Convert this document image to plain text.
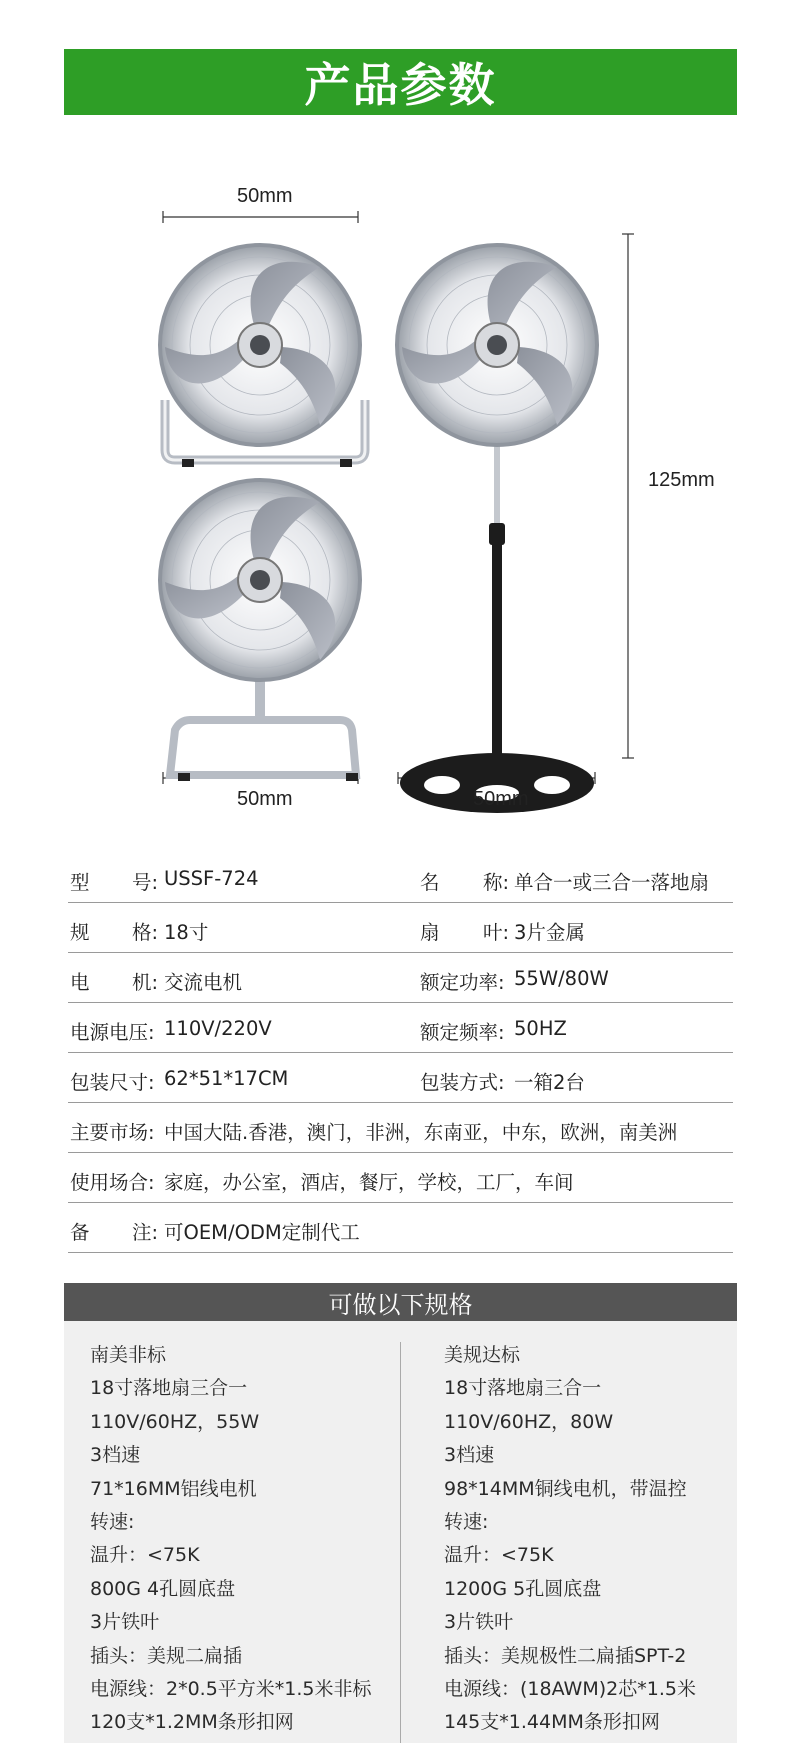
产品参数
50mm
50mm	50mm
125mm
型 号: USSF-724	名 称: 单合一或三合一落地扇
规 格: 18寸	扇 叶: 3片金属
电 机: 交流电机	额定功率: 55W/80W
电源电压: 110V/220V	额定频率: 50HZ
包装尺寸: 62*51*17CM	包装方式: 一箱2台
主要市场: 中国大陆.香港，澳门，非洲，东南亚，中东，欧洲，南美洲
使用场合: 家庭，办公室，酒店，餐厅，学校，工厂，车间
备 注: 可OEM/ODM定制代工
可做以下规格
南美非标
18寸落地扇三合一
110V/60HZ，55W
3档速
71*16MM铝线电机
转速:
温升：<75K
800G 4孔圆底盘
3片铁叶
插头：美规二扁插
电源线：2*0.5平方米*1.5米非标
120支*1.2MM条形扣网
美规达标
18寸落地扇三合一
110V/60HZ，80W
3档速
98*14MM铜线电机，带温控
转速:
温升：<75K
1200G 5孔圆底盘
3片铁叶
插头：美规极性二扁插SPT-2
电源线：(18AWM)2芯*1.5米
145支*1.44MM条形扣网
